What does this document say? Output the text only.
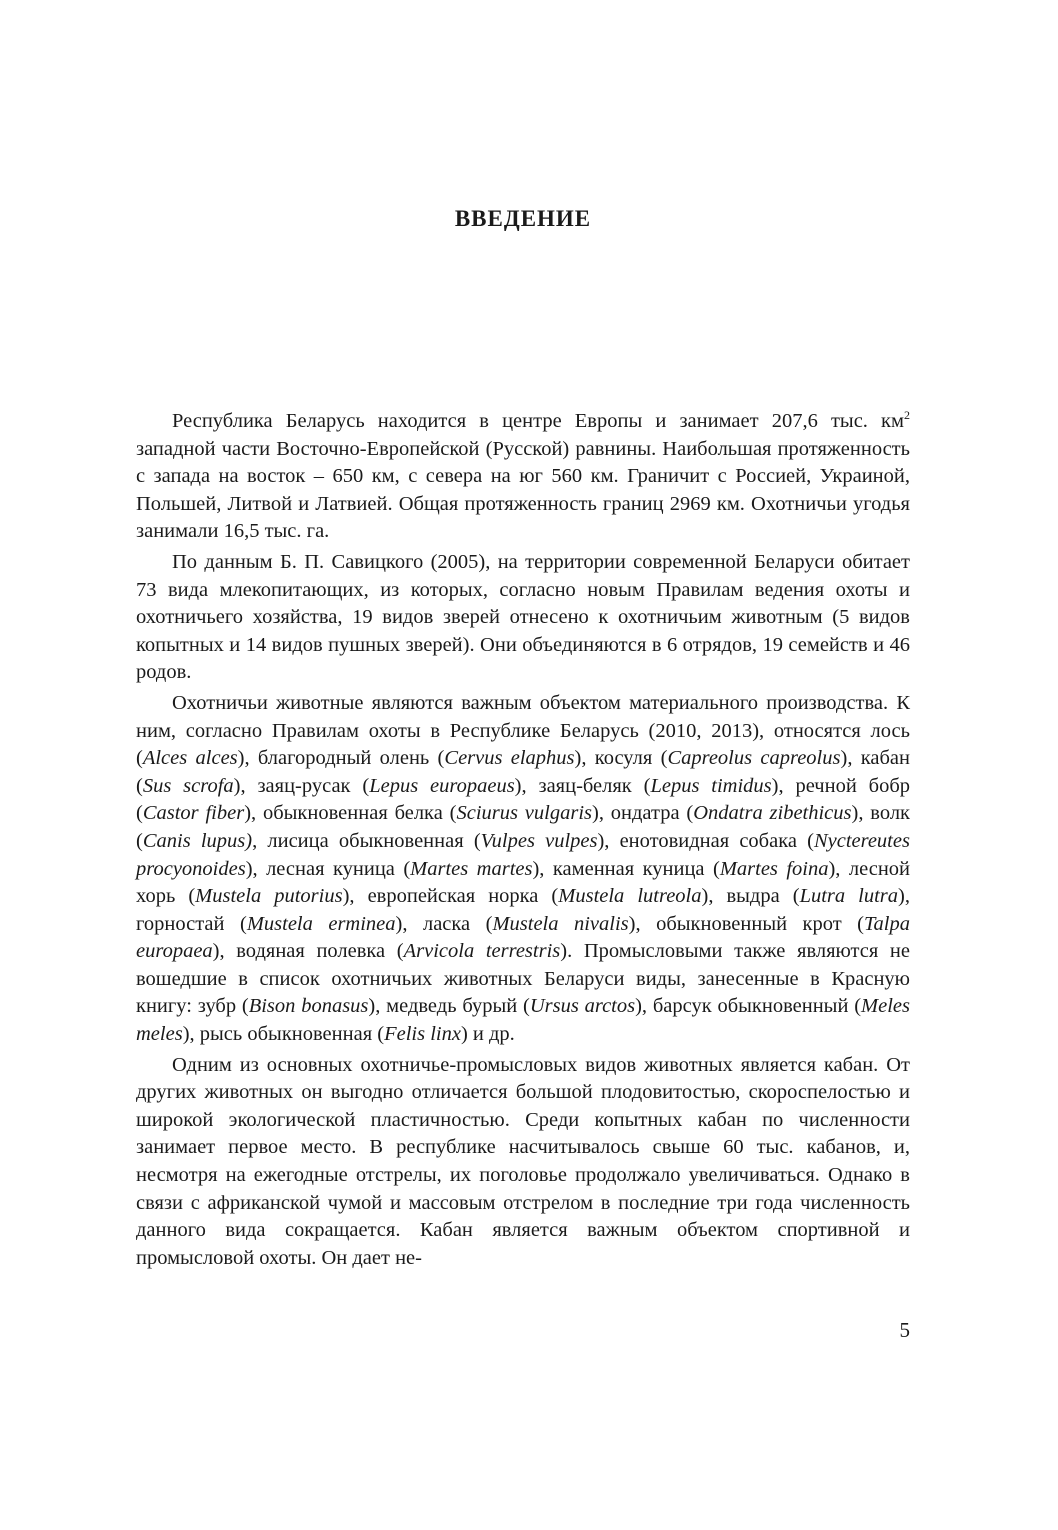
ВВЕДЕНИЕ

Республика Беларусь находится в центре Европы и занимает 207,6 тыс. $км^2$ западной части Восточно-Европейской (Русской) равнины. Наибольшая протяженность с запада на восток – 650 км, с севера на юг 560 км. Граничит с Россией, Украиной, Польшей, Литвой и Латвией. Общая протяженность границ 2969 км. Охотничьи угодья занимали 16,5 тыс. га.

По данным Б. П. Савицкого (2005), на территории современной Беларуси обитает 73 вида млекопитающих, из которых, согласно новым Правилам ведения охоты и охотничьего хозяйства, 19 видов зверей отнесено к охотничьим животным (5 видов копытных и 14 видов пушных зверей). Они объединяются в 6 отрядов, 19 семейств и 46 родов.

Охотничьи животные являются важным объектом материального производства. К ним, согласно Правилам охоты в Республике Беларусь (2010, 2013), относятся лось (Alces alces), благородный олень (Cervus elaphus), косуля (Capreolus capreolus), кабан (Sus scrofa), заяц-русак (Lepus europaeus), заяц-беляк (Lepus timidus), речной бобр (Castor fiber), обыкновенная белка (Sciurus vulgaris), ондатра (Ondatra zibethicus), волк (Canis lupus), лисица обыкновенная (Vulpes vulpes), енотовидная собака (Nyctereutes procyonoides), лесная куница (Martes martes), каменная куница (Martes foina), лесной хорь (Mustela putorius), европейская норка (Mustela lutreola), выдра (Lutra lutra), горностай (Mustela erminea), ласка (Mustela nivalis), обыкновенный крот (Talpa europaea), водяная полевка (Arvicola terrestris). Промысловыми также являются не вошедшие в список охотничьих животных Беларуси виды, занесенные в Красную книгу: зубр (Bison bonasus), медведь бурый (Ursus arctos), барсук обыкновенный (Meles meles), рысь обыкновенная (Felis linx) и др.

Одним из основных охотничье-промысловых видов животных является кабан. От других животных он выгодно отличается большой плодовитостью, скороспелостью и широкой экологической пластичностью. Среди копытных кабан по численности занимает первое место. В республике насчитывалось свыше 60 тыс. кабанов, и, несмотря на ежегодные отстрелы, их поголовье продолжало увеличиваться. Однако в связи с африканской чумой и массовым отстрелом в последние три года численность данного вида сокращается. Кабан является важным объектом спортивной и промысловой охоты. Он дает не-

5
